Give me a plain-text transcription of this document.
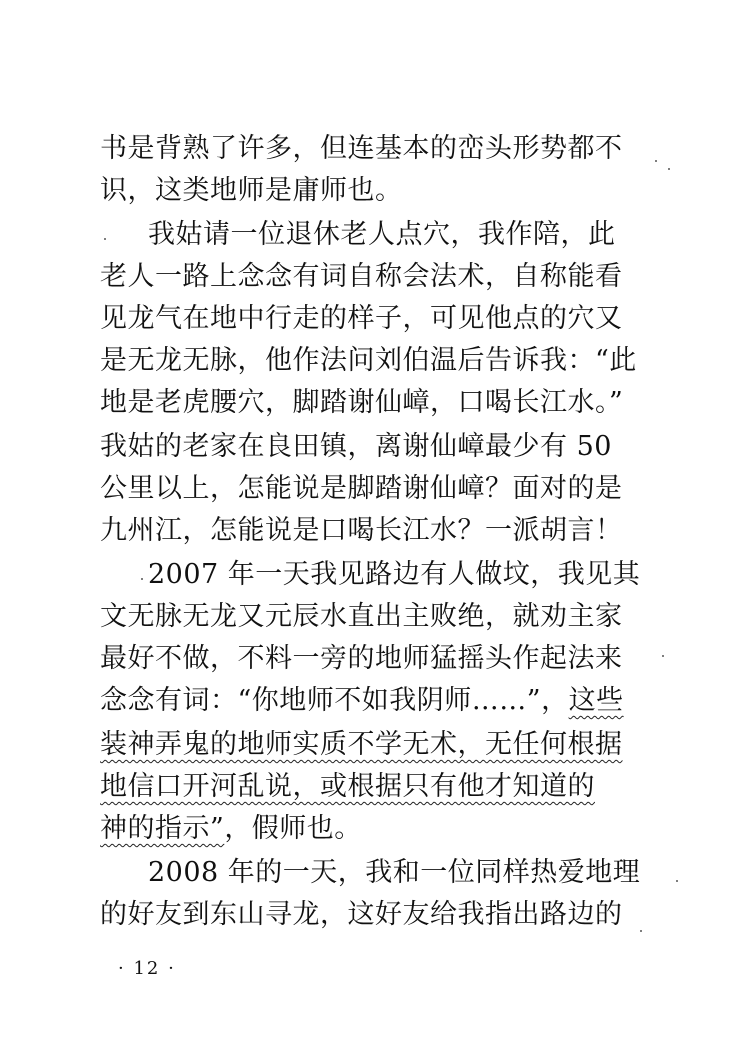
书是背熟了许多，但连基本的峦头形势都不
识，这类地师是庸师也。
我姑请一位退休老人点穴，我作陪，此
老人一路上念念有词自称会法术，自称能看
见龙气在地中行走的样子，可见他点的穴又
是无龙无脉，他作法问刘伯温后告诉我：“此
地是老虎腰穴，脚踏谢仙嶂，口喝长江水。”
我姑的老家在良田镇，离谢仙嶂最少有 50
公里以上，怎能说是脚踏谢仙嶂？面对的是
九州江，怎能说是口喝长江水？一派胡言！
2007 年一天我见路边有人做坟，我见其
文无脉无龙又元辰水直出主败绝，就劝主家
最好不做，不料一旁的地师猛摇头作起法来
念念有词：“你地师不如我阴师……”，这些
装神弄鬼的地师实质不学无术，无任何根据
地信口开河乱说，或根据只有他才知道的
神的指示”，假师也。
2008 年的一天，我和一位同样热爱地理
的好友到东山寻龙，这好友给我指出路边的
· 12 ·
